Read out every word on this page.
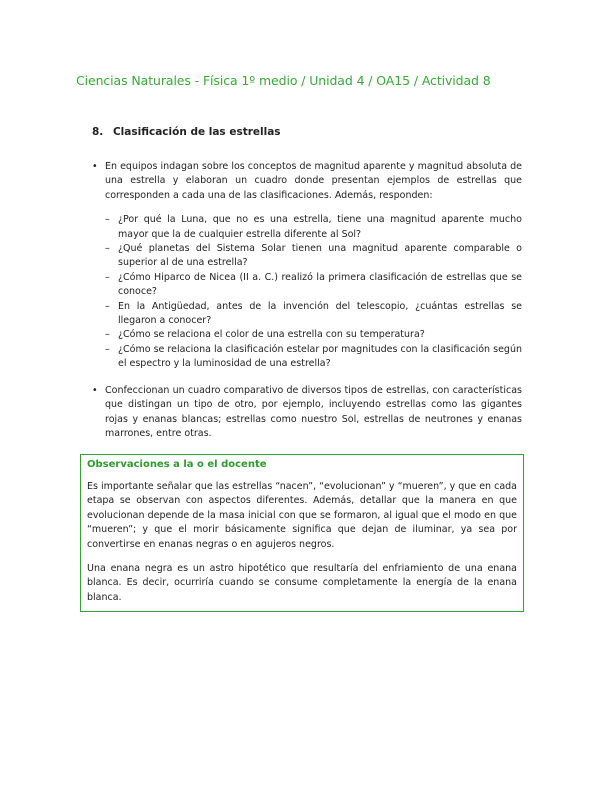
Ciencias Naturales - Física 1º medio / Unidad 4 / OA15 / Actividad 8
8. Clasificación de las estrellas
• En equipos indagan sobre los conceptos de magnitud aparente y magnitud absoluta de una estrella y elaboran un cuadro donde presentan ejemplos de estrellas que corresponden a cada una de las clasificaciones. Además, responden:
– ¿Por qué la Luna, que no es una estrella, tiene una magnitud aparente mucho mayor que la de cualquier estrella diferente al Sol?
– ¿Qué planetas del Sistema Solar tienen una magnitud aparente comparable o superior al de una estrella?
– ¿Cómo Hiparco de Nicea (II a. C.) realizó la primera clasificación de estrellas que se conoce?
– En la Antigüedad, antes de la invención del telescopio, ¿cuántas estrellas se llegaron a conocer?
– ¿Cómo se relaciona el color de una estrella con su temperatura?
– ¿Cómo se relaciona la clasificación estelar por magnitudes con la clasificación según el espectro y la luminosidad de una estrella?
• Confeccionan un cuadro comparativo de diversos tipos de estrellas, con características que distingan un tipo de otro, por ejemplo, incluyendo estrellas como las gigantes rojas y enanas blancas; estrellas como nuestro Sol, estrellas de neutrones y enanas marrones, entre otras.
Observaciones a la o el docente

Es importante señalar que las estrellas “nacen”, “evolucionan” y “mueren”, y que en cada etapa se observan con aspectos diferentes. Además, detallar que la manera en que evolucionan depende de la masa inicial con que se formaron, al igual que el modo en que “mueren”; y que el morir básicamente significa que dejan de iluminar, ya sea por convertirse en enanas negras o en agujeros negros.

Una enana negra es un astro hipotético que resultaría del enfriamiento de una enana blanca. Es decir, ocurriría cuando se consume completamente la energía de la enana blanca.
